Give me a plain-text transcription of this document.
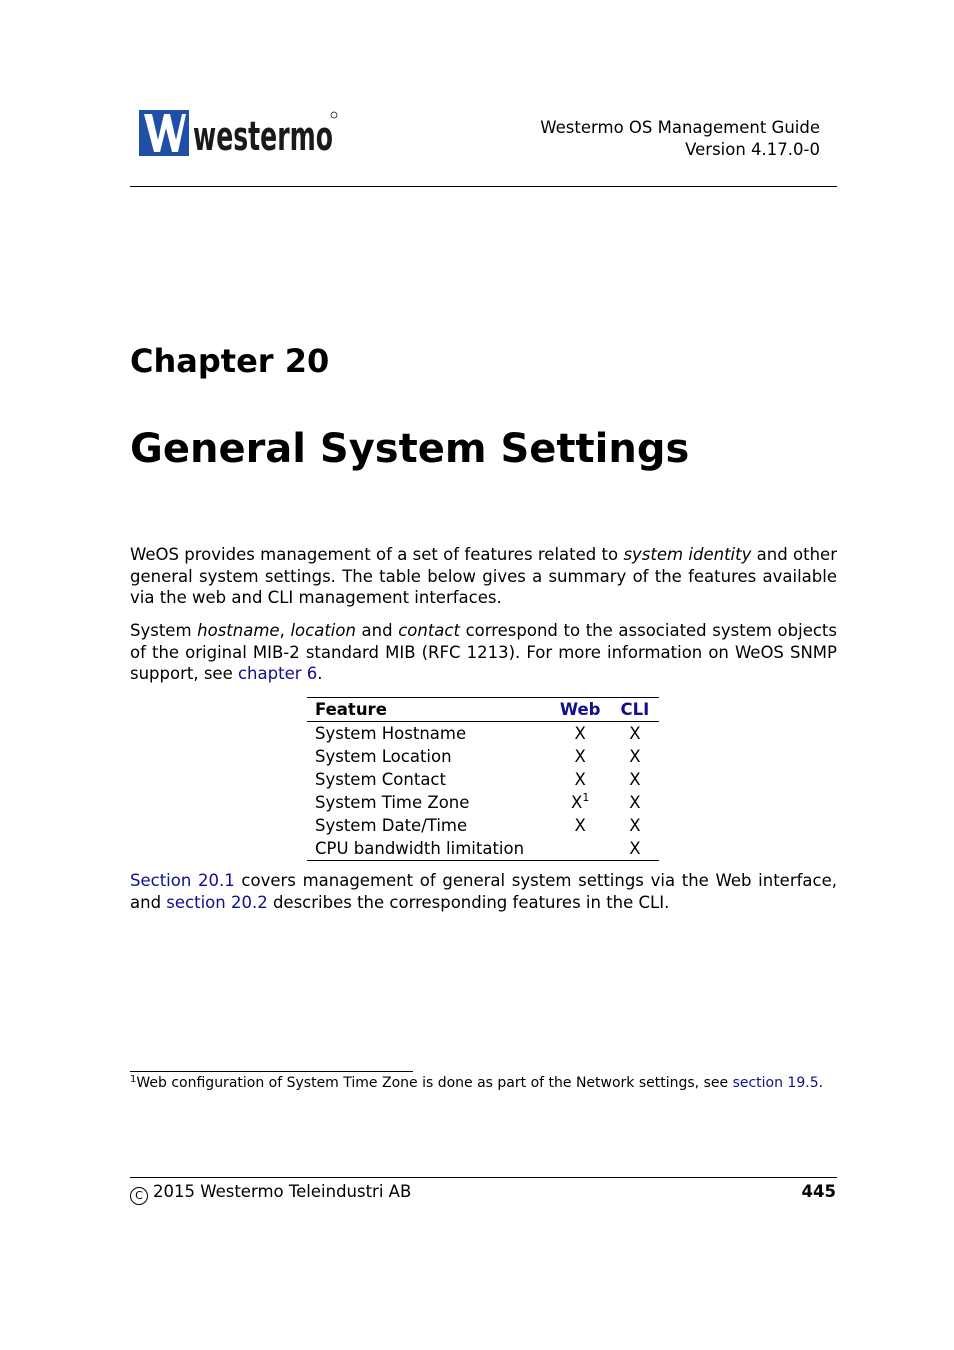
westermo	Westermo OS Management Guide
Version 4.17.0-0
Chapter 20
General System Settings

WeOS provides management of a set of features related to system identity and other general system settings. The table below gives a summary of the features available via the web and CLI management interfaces.

System hostname, location and contact correspond to the associated system objects of the original MIB-2 standard MIB (RFC 1213). For more information on WeOS SNMP support, see chapter 6.

Feature	Web	CLI
System Hostname	X	X
System Location	X	X
System Contact	X	X
System Time Zone	$X^1$	X
System Date/Time	X	X
CPU bandwidth limitation		X

Section 20.1 covers management of general system settings via the Web interface, and section 20.2 describes the corresponding features in the CLI.

$^1$Web configuration of System Time Zone is done as part of the Network settings, see section 19.5.

C 2015 Westermo Teleindustri AB	445
